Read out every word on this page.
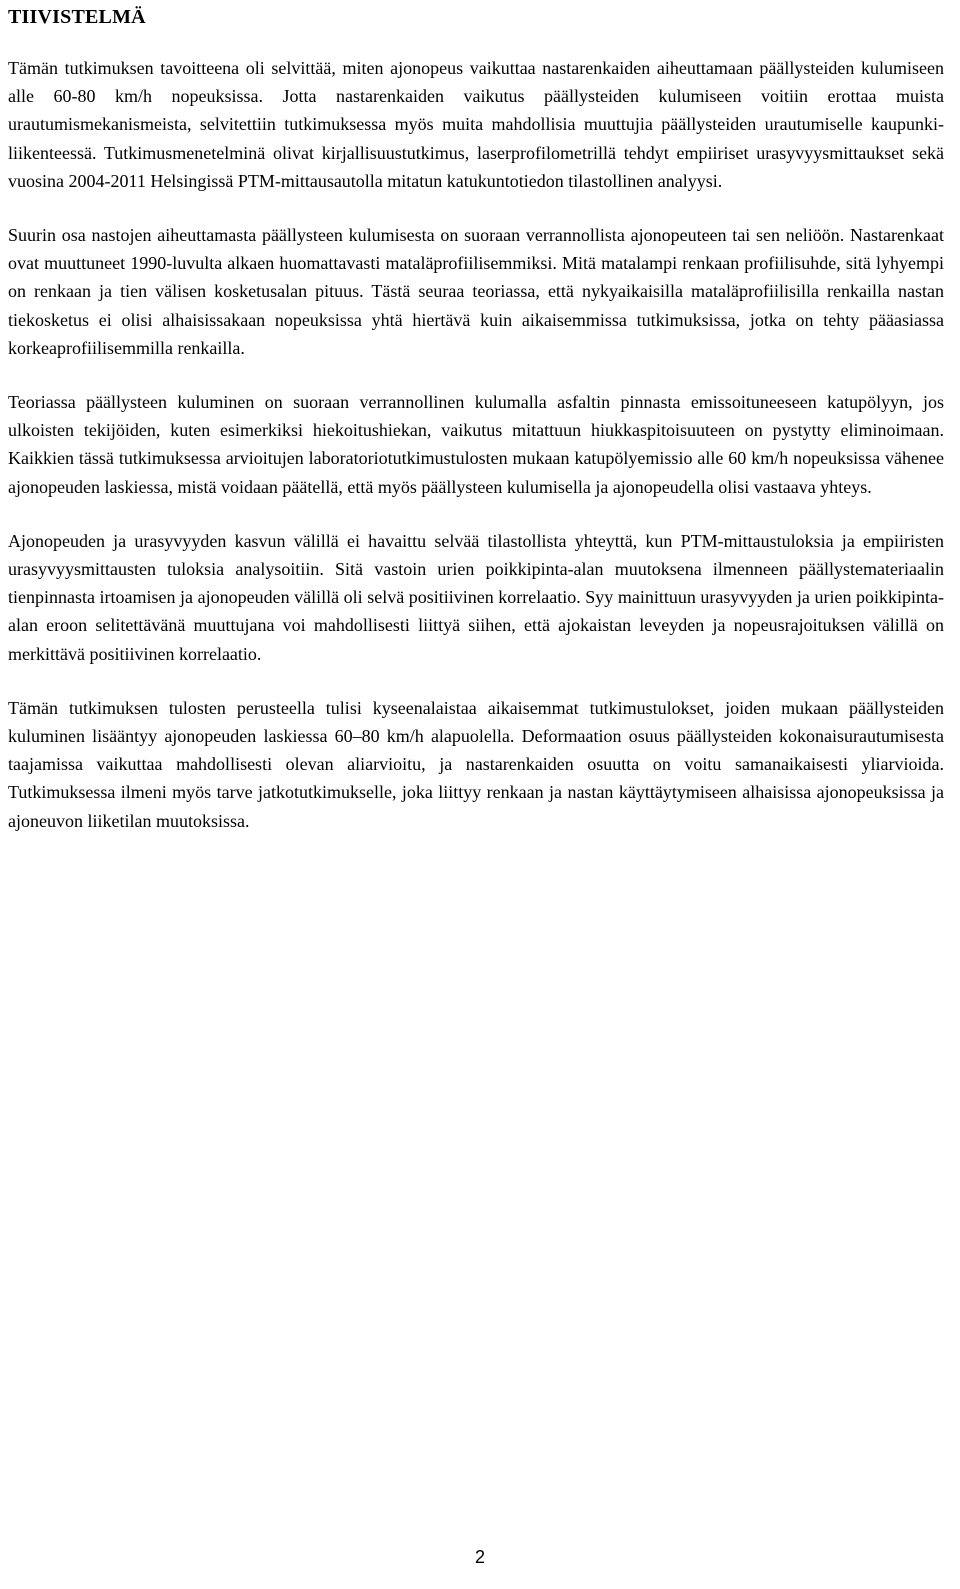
TIIVISTELMÄ

Tämän tutkimuksen tavoitteena oli selvittää, miten ajonopeus vaikuttaa nastarenkaiden aiheuttamaan päällysteiden kulumiseen alle 60-80 km/h nopeuksissa. Jotta nastarenkaiden vaikutus päällysteiden kulumiseen voitiin erottaa muista urautumismekanismeista, selvitettiin tutkimuksessa myös muita mahdollisia muuttujia päällysteiden urautumiselle kaupunki-liikenteessä. Tutkimusmenetelminä olivat kirjallisuustutkimus, laserprofilometrillä tehdyt empiiriset urasyvyysmittaukset sekä vuosina 2004-2011 Helsingissä PTM-mittausautolla mitatun katukuntotiedon tilastollinen analyysi.

Suurin osa nastojen aiheuttamasta päällysteen kulumisesta on suoraan verrannollista ajonopeuteen tai sen neliöön. Nastarenkaat ovat muuttuneet 1990-luvulta alkaen huomattavasti mataläprofiilisemmiksi. Mitä matalampi renkaan profiilisuhde, sitä lyhyempi on renkaan ja tien välisen kosketusalan pituus. Tästä seuraa teoriassa, että nykyaikaisilla mataläprofiilisilla renkailla nastan tiekosketus ei olisi alhaisissakaan nopeuksissa yhtä hiertävä kuin aikaisemmissa tutkimuksissa, jotka on tehty pääasiassa korkeaprofiilisemmilla renkailla.

Teoriassa päällysteen kuluminen on suoraan verrannollinen kulumalla asfaltin pinnasta emissoituneeseen katupölyyn, jos ulkoisten tekijöiden, kuten esimerkiksi hiekoitushiekan, vaikutus mitattuun hiukkaspitoisuuteen on pystytty eliminoimaan. Kaikkien tässä tutkimuksessa arvioitujen laboratoriotutkimustulosten mukaan katupölyemissio alle 60 km/h nopeuksissa vähenee ajonopeuden laskiessa, mistä voidaan päätellä, että myös päällysteen kulumisella ja ajonopeudella olisi vastaava yhteys.

Ajonopeuden ja urasyvyyden kasvun välillä ei havaittu selvää tilastollista yhteyttä, kun PTM-mittaustuloksia ja empiiristen urasyvyysmittausten tuloksia analysoitiin. Sitä vastoin urien poikkipinta-alan muutoksena ilmenneen päällystemateriaalin tienpinnasta irtoamisen ja ajonopeuden välillä oli selvä positiivinen korrelaatio. Syy mainittuun urasyvyyden ja urien poikkipinta-alan eroon selitettävänä muuttujana voi mahdollisesti liittyä siihen, että ajokaistan leveyden ja nopeusrajoituksen välillä on merkittävä positiivinen korrelaatio.

Tämän tutkimuksen tulosten perusteella tulisi kyseenalaistaa aikaisemmat tutkimustulokset, joiden mukaan päällysteiden kuluminen lisääntyy ajonopeuden laskiessa 60–80 km/h alapuolella. Deformaation osuus päällysteiden kokonaisurautumisesta taajamissa vaikuttaa mahdollisesti olevan aliarvioitu, ja nastarenkaiden osuutta on voitu samanaikaisesti yliarvioida. Tutkimuksessa ilmeni myös tarve jatkotutkimukselle, joka liittyy renkaan ja nastan käyttäytymiseen alhaisissa ajonopeuksissa ja ajoneuvon liiketilan muutoksissa.

2
